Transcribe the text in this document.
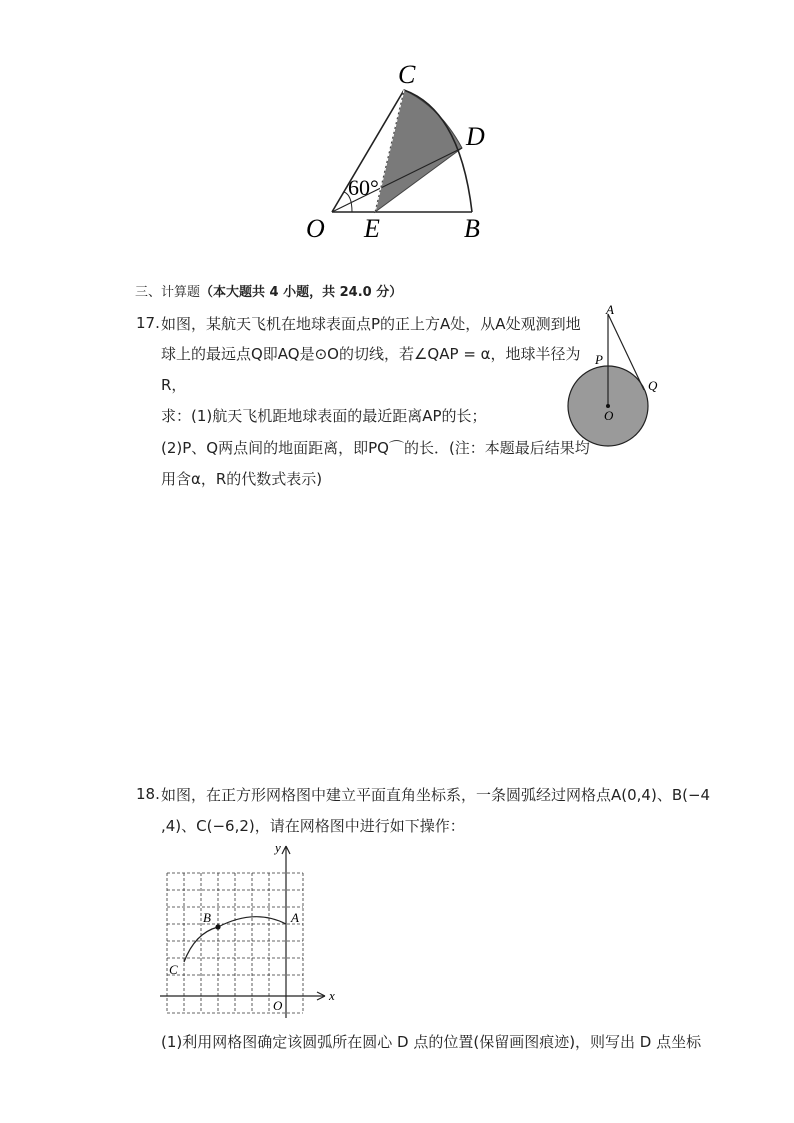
C
D
O E	B
60°
三、计算题（本大题共 4 小题，共 24.0 分）
17. 如图，某航天飞机在地球表面点P的正上方A处，从A处观测到地
球上的最远点Q即AQ是⊙O的切线，若∠QAP = α，地球半径为
R，
求：(1)航天飞机距地球表面的最近距离AP的长；
(2)P、Q两点间的地面距离，即PQ⌒的长．(注：本题最后结果均
用含α，R的代数式表示)
A
P
Q
O
18. 如图，在正方形网格图中建立平面直角坐标系，一条圆弧经过网格点A(0,4)、B(−4
,4)、C(−6,2)，请在网格图中进行如下操作：
y
x
O
A
B
C
(1)利用网格图确定该圆弧所在圆心 D 点的位置(保留画图痕迹)，则写出 D 点坐标
